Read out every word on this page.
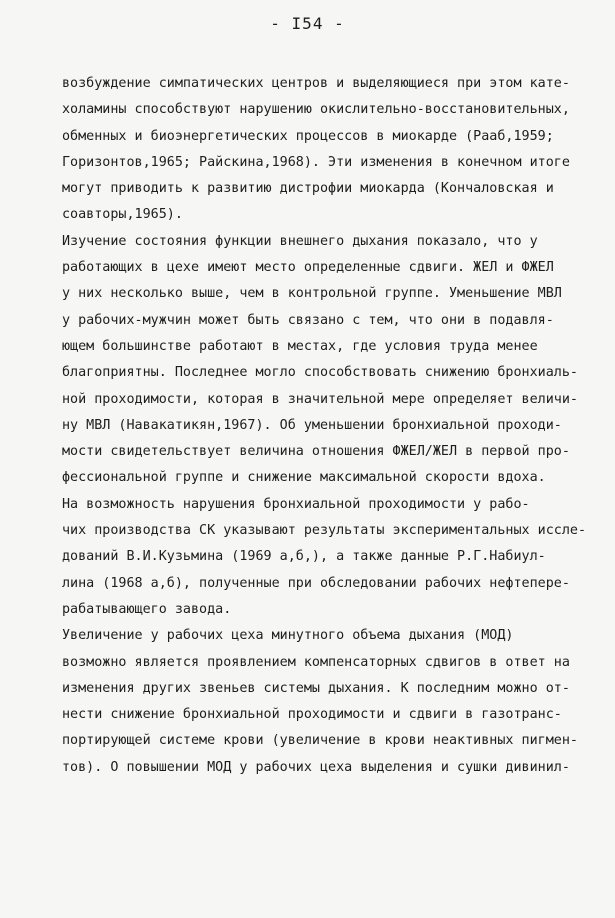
- I54 -
возбуждение симпатических центров и выделяющиеся при этом кате-
холамины способствуют нарушению окислительно-восстановительных,
обменных и биоэнергетических процессов в миокарде (Рааб,1959;
Горизонтов,1965; Райскина,1968). Эти изменения в конечном итоге
могут приводить к развитию дистрофии миокарда (Кончаловская и
соавторы,1965).
Изучение состояния функции внешнего дыхания показало, что у
работающих в цехе имеют место определенные сдвиги. ЖЕЛ и ФЖЕЛ
у них несколько выше, чем в контрольной группе. Уменьшение МВЛ
у рабочих-мужчин может быть связано с тем, что они в подавля-
ющем большинстве работают в местах, где условия труда менее
благоприятны. Последнее могло способствовать снижению бронхиаль-
ной проходимости, которая в значительной мере определяет величи-
ну МВЛ (Навакатикян,1967). Об уменьшении бронхиальной проходи-
мости свидетельствует величина отношения ФЖЕЛ/ЖЕЛ в первой про-
фессиональной группе и снижение максимальной скорости вдоха.
На возможность нарушения бронхиальной проходимости у рабо-
чих производства СК указывают результаты экспериментальных иссле-
дований В.И.Кузьмина (1969 а,б,), а также данные Р.Г.Набиул-
лина (1968 а,б), полученные при обследовании рабочих нефтепере-
рабатывающего завода.
Увеличение у рабочих цеха минутного объема дыхания (МОД)
возможно является проявлением компенсаторных сдвигов в ответ на
изменения других звеньев системы дыхания. К последним можно от-
нести снижение бронхиальной проходимости и сдвиги в газотранс-
портирующей системе крови (увеличение в крови неактивных пигмен-
тов). О повышении МОД у рабочих цеха выделения и сушки дивинил-
